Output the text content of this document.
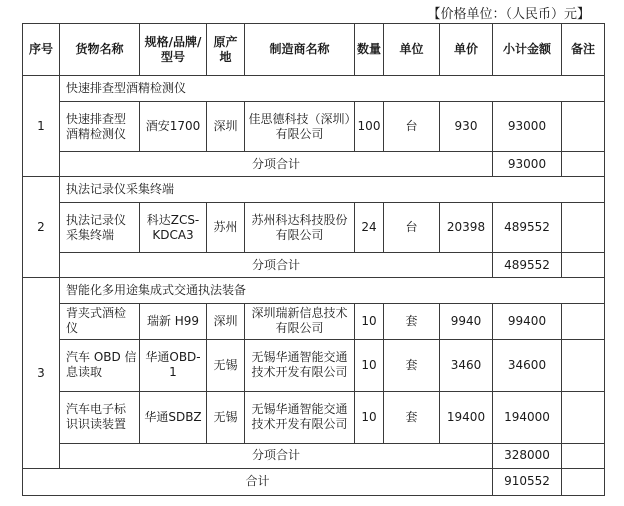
【价格单位：（人民币）元】
序号	货物名称	规格/品牌/型号	原产地	制造商名称	数量	单位	单价	小计金额	备注
1	快速排查型酒精检测仪								
	快速排查型酒精检测仪	酒安1700	深圳	佳思德科技（深圳）有限公司	100	台	930	93000	
	分项合计							93000	
2	执法记录仪采集终端								
	执法记录仪采集终端	科达ZCS-KDCA3	苏州	苏州科达科技股份有限公司	24	台	20398	489552	
	分项合计							489552	
3	智能化多用途集成式交通执法装备								
	背夹式酒检仪	瑞新 H99	深圳	深圳瑞新信息技术有限公司	10	套	9940	99400	
	汽车 OBD 信息读取	华通OBD-1	无锡	无锡华通智能交通技术开发有限公司	10	套	3460	34600	
	汽车电子标识识读装置	华通SDBZ	无锡	无锡华通智能交通技术开发有限公司	10	套	19400	194000	
	分项合计							328000	
合计								910552	
